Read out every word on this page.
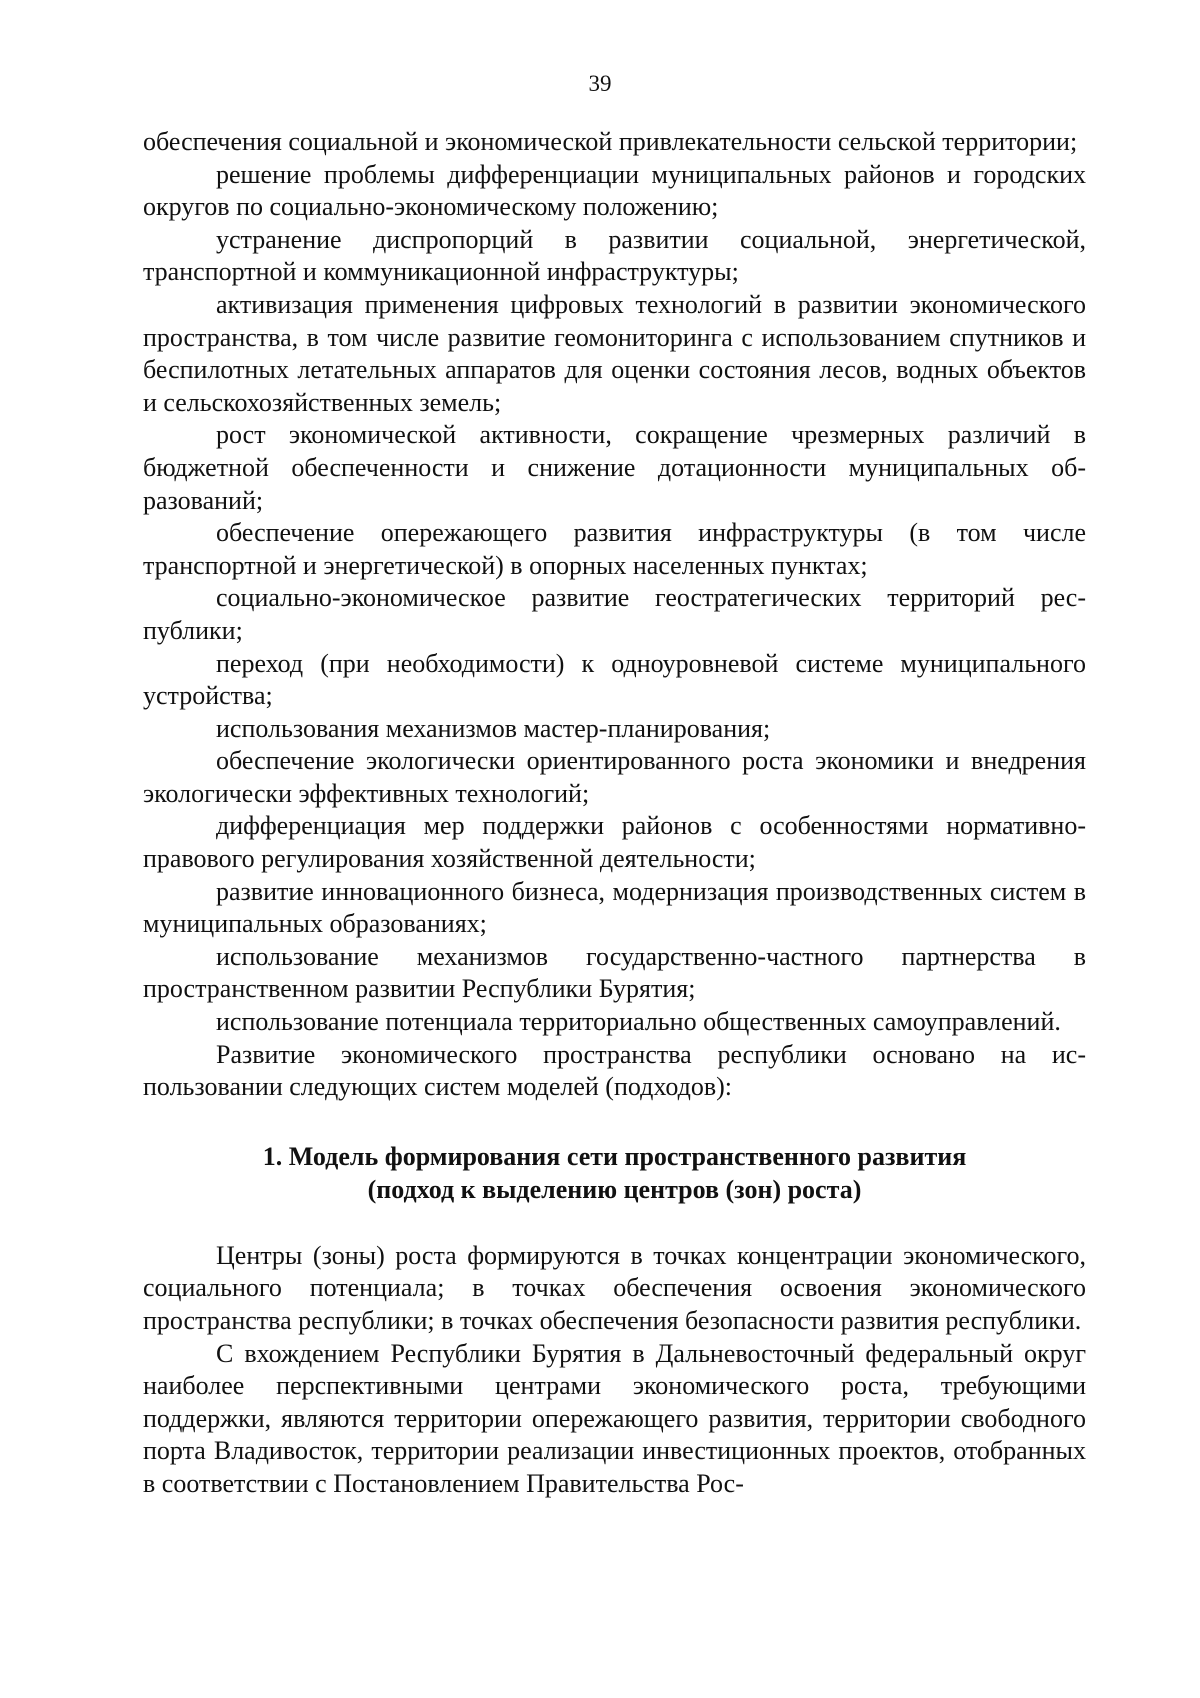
39

обеспечения социальной и экономической привлекательности сельской территории;

решение проблемы дифференциации муниципальных районов и городских округов по социально-экономическому положению;

устранение диспропорций в развитии социальной, энергетической, транспортной и коммуникационной инфраструктуры;

активизация применения цифровых технологий в развитии экономического пространства, в том числе развитие геомониторинга с использованием спутников и беспилотных летательных аппаратов для оценки состояния лесов, водных объектов и сельскохозяйственных земель;

рост экономической активности, сокращение чрезмерных различий в бюджетной обеспеченности и снижение дотационности муниципальных образований;

обеспечение опережающего развития инфраструктуры (в том числе транспортной и энергетической) в опорных населенных пунктах;

социально-экономическое развитие геостратегических территорий республики;

переход (при необходимости) к одноуровневой системе муниципального устройства;

использования механизмов мастер-планирования;

обеспечение экологически ориентированного роста экономики и внедрения экологически эффективных технологий;

дифференциация мер поддержки районов с особенностями нормативно-правового регулирования хозяйственной деятельности;

развитие инновационного бизнеса, модернизация производственных систем в муниципальных образованиях;

использование механизмов государственно-частного партнерства в пространственном развитии Республики Бурятия;

использование потенциала территориально общественных самоуправлений.

Развитие экономического пространства республики основано на использовании следующих систем моделей (подходов):

1. Модель формирования сети пространственного развития
(подход к выделению центров (зон) роста)

Центры (зоны) роста формируются в точках концентрации экономического, социального потенциала; в точках обеспечения освоения экономического пространства республики; в точках обеспечения безопасности развития республики.

С вхождением Республики Бурятия в Дальневосточный федеральный округ наиболее перспективными центрами экономического роста, требующими поддержки, являются территории опережающего развития, территории свободного порта Владивосток, территории реализации инвестиционных проектов, отобранных в соответствии с Постановлением Правительства Рос-
